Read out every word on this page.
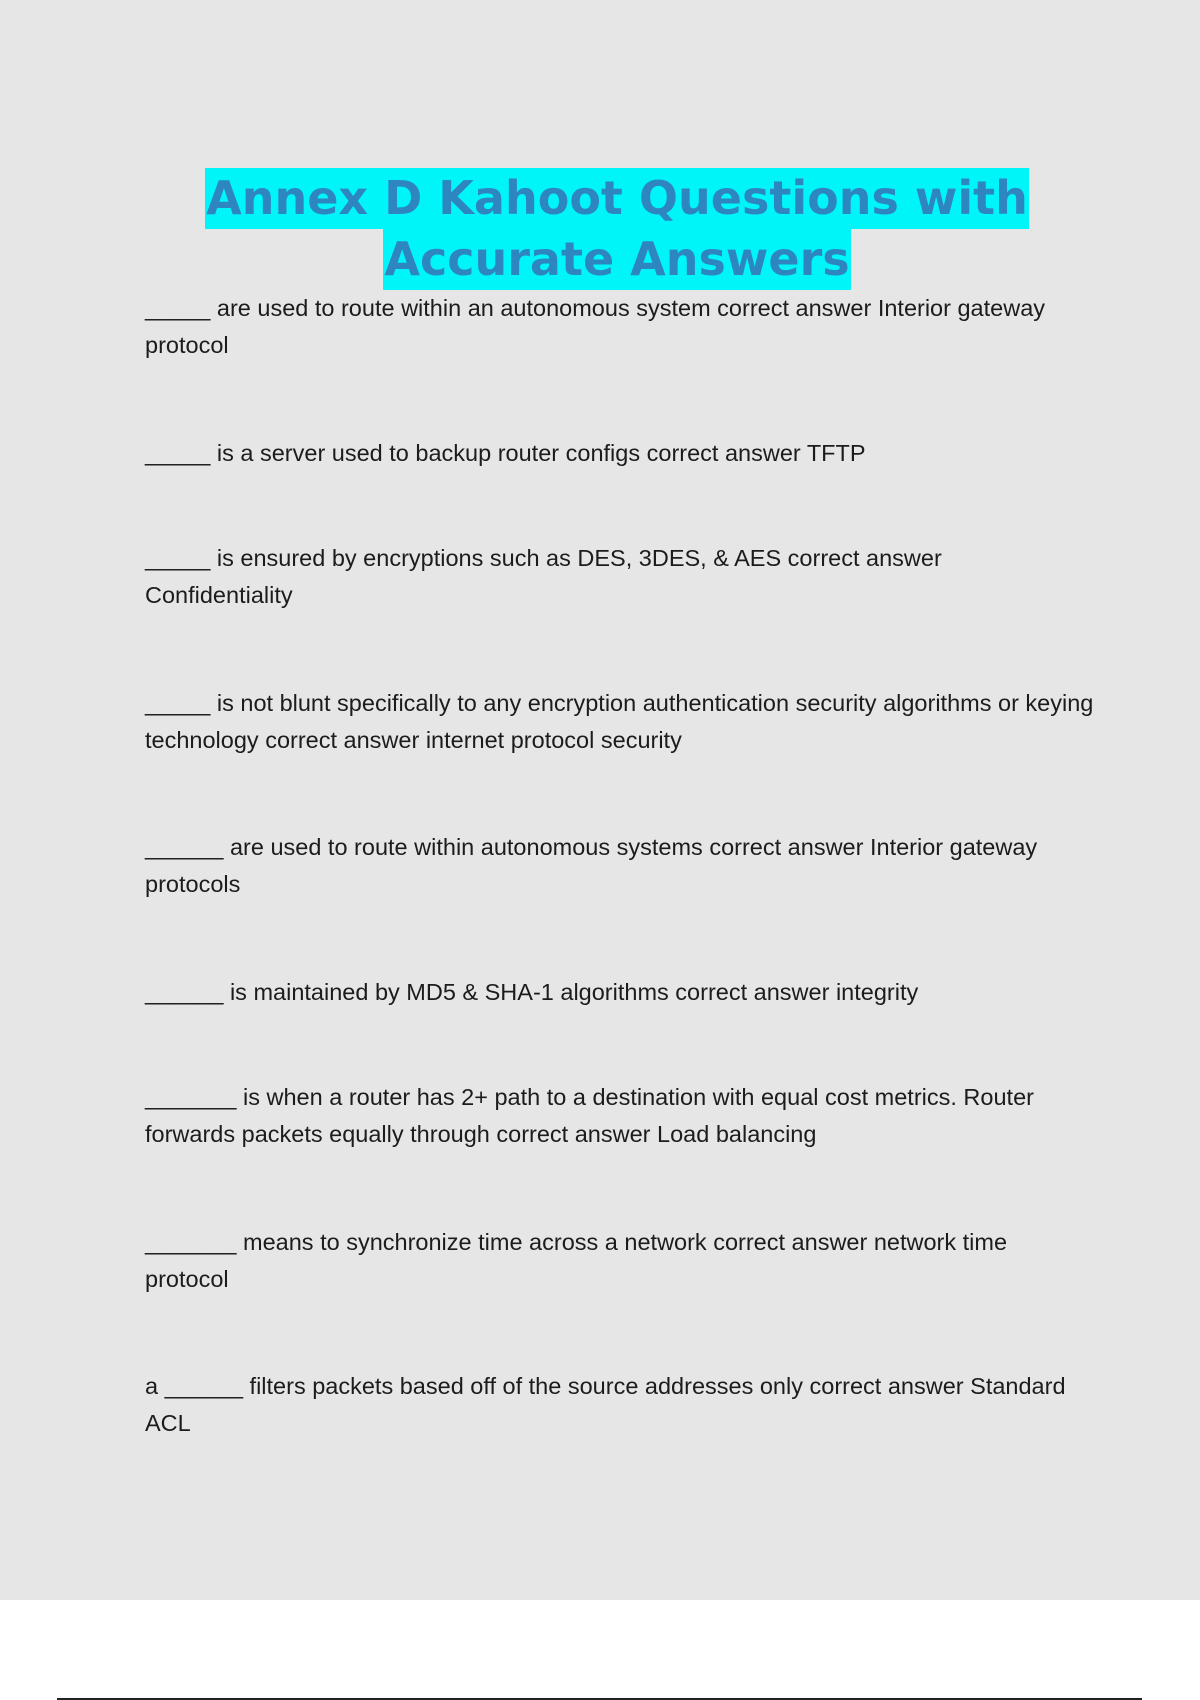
Annex D Kahoot Questions with
Accurate Answers

_____ are used to route within an autonomous system correct answer Interior gateway protocol

_____ is a server used to backup router configs correct answer TFTP

_____ is ensured by encryptions such as DES, 3DES, & AES correct answer Confidentiality

_____ is not blunt specifically to any encryption authentication security algorithms or keying technology correct answer internet protocol security

______ are used to route within autonomous systems correct answer Interior gateway protocols

______ is maintained by MD5 & SHA-1 algorithms correct answer integrity

_______ is when a router has 2+ path to a destination with equal cost metrics. Router forwards packets equally through correct answer Load balancing

_______ means to synchronize time across a network correct answer network time protocol

a ______ filters packets based off of the source addresses only correct answer Standard ACL
